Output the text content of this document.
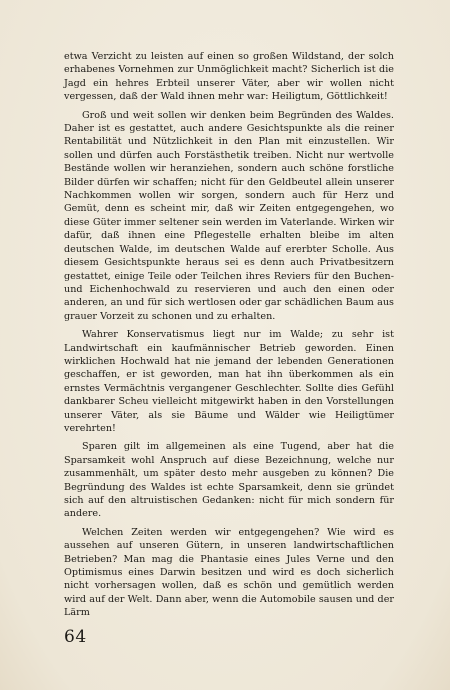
etwa Verzicht zu leisten auf einen so großen Wildstand, der solch erhabenes Vornehmen zur Unmöglichkeit macht? Sicherlich ist die Jagd ein hehres Erbteil unserer Väter, aber wir wollen nicht vergessen, daß der Wald ihnen mehr war: Heiligtum, Göttlichkeit!

Groß und weit sollen wir denken beim Begründen des Waldes. Daher ist es gestattet, auch andere Gesichtspunkte als die reiner Rentabilität und Nützlichkeit in den Plan mit einzustellen. Wir sollen und dürfen auch Forstästhetik treiben. Nicht nur wertvolle Bestände wollen wir heranziehen, sondern auch schöne forstliche Bilder dürfen wir schaffen; nicht für den Geldbeutel allein unserer Nachkommen wollen wir sorgen, sondern auch für Herz und Gemüt, denn es scheint mir, daß wir Zeiten entgegengehen, wo diese Güter immer seltener sein werden im Vaterlande. Wirken wir dafür, daß ihnen eine Pflegestelle erhalten bleibe im alten deutschen Walde, im deutschen Walde auf ererbter Scholle. Aus diesem Gesichtspunkte heraus sei es denn auch Privatbesitzern gestattet, einige Teile oder Teilchen ihres Reviers für den Buchen- und Eichenhochwald zu reservieren und auch den einen oder anderen, an und für sich wertlosen oder gar schädlichen Baum aus grauer Vorzeit zu schonen und zu erhalten.

Wahrer Konservatismus liegt nur im Walde; zu sehr ist Landwirtschaft ein kaufmännischer Betrieb geworden. Einen wirklichen Hochwald hat nie jemand der lebenden Generationen geschaffen, er ist geworden, man hat ihn überkommen als ein ernstes Vermächtnis vergangener Geschlechter. Sollte dies Gefühl dankbarer Scheu vielleicht mitgewirkt haben in den Vorstellungen unserer Väter, als sie Bäume und Wälder wie Heiligtümer verehrten!

Sparen gilt im allgemeinen als eine Tugend, aber hat die Sparsamkeit wohl Anspruch auf diese Bezeichnung, welche nur zusammenhält, um später desto mehr ausgeben zu können? Die Begründung des Waldes ist echte Sparsamkeit, denn sie gründet sich auf den altruistischen Gedanken: nicht für mich sondern für andere.

Welchen Zeiten werden wir entgegengehen? Wie wird es aussehen auf unseren Gütern, in unseren landwirtschaftlichen Betrieben? Man mag die Phantasie eines Jules Verne und den Optimismus eines Darwin besitzen und wird es doch sicherlich nicht vorhersagen wollen, daß es schön und gemütlich werden wird auf der Welt. Dann aber, wenn die Automobile sausen und der Lärm

64
